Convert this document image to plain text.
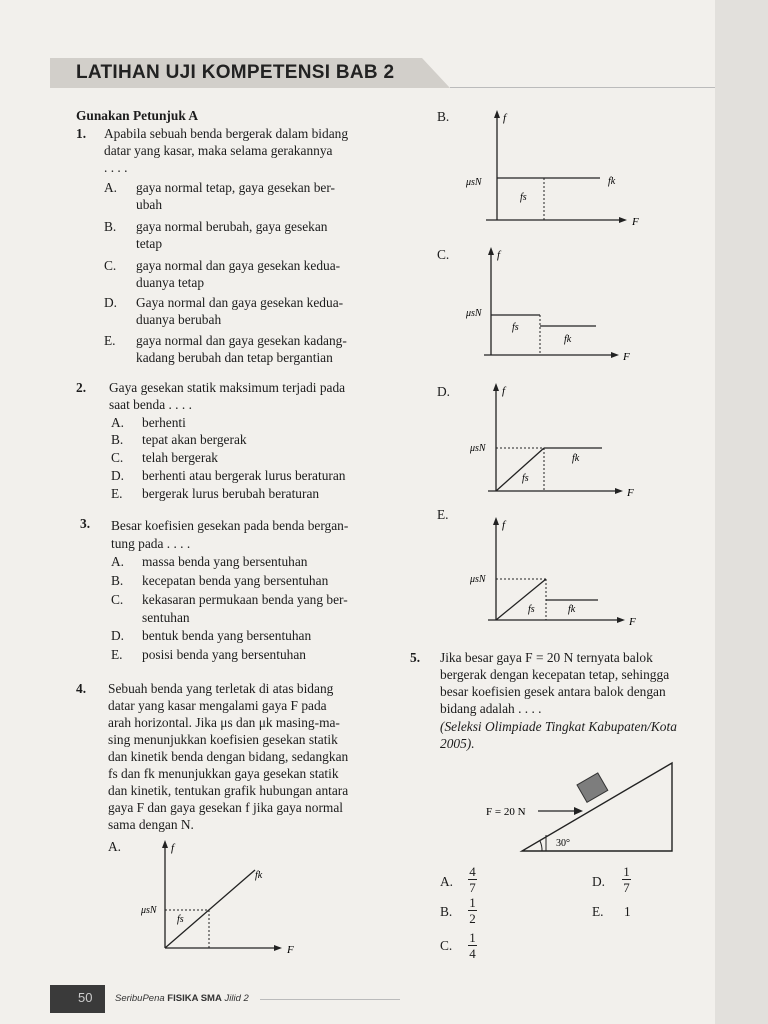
LATIHAN UJI KOMPETENSI BAB 2
Gunakan Petunjuk A
1. Apabila sebuah benda bergerak dalam bidang
datar yang kasar, maka selama gerakannya
. . . .
A. gaya normal tetap, gaya gesekan ber-
ubah
B. gaya normal berubah, gaya gesekan
tetap
C. gaya normal dan gaya gesekan kedua-
duanya tetap
D. Gaya normal dan gaya gesekan kedua-
duanya berubah
E. gaya normal dan gaya gesekan kadang-
kadang berubah dan tetap bergantian
2. Gaya gesekan statik maksimum terjadi pada
saat benda . . . .
A. berhenti
B. tepat akan bergerak
C. telah bergerak
D. berhenti atau bergerak lurus beraturan
E. bergerak lurus berubah beraturan
3. Besar koefisien gesekan pada benda bergan-
tung pada . . . .
A. massa benda yang bersentuhan
B. kecepatan benda yang bersentuhan
C. kekasaran permukaan benda yang ber-
sentuhan
D. bentuk benda yang bersentuhan
E. posisi benda yang bersentuhan
4. Sebuah benda yang terletak di atas bidang
datar yang kasar mengalami gaya F pada
arah horizontal. Jika μs dan μk masing-ma-
sing menunjukkan koefisien gesekan statik
dan kinetik benda dengan bidang, sedangkan
fs dan fk menunjukkan gaya gesekan statik
dan kinetik, tentukan grafik hubungan antara
gaya F dan gaya gesekan f jika gaya normal
sama dengan N.
A.
B.
C.
D.
E.
f
F
μsN
fs
fk
f
F
μsN
fs
fk
f
F
μsN
fs
fk
f
F
μsN
fs
fk
f
F
μsN
fs	fk
5. Jika besar gaya F = 20 N ternyata balok
bergerak dengan kecepatan tetap, sehingga
besar koefisien gesek antara balok dengan
bidang adalah . . . .
(Seleksi Olimpiade Tingkat Kabupaten/Kota
2005).
F = 20 N
30°
A.
4
7
B.
1
2
C.
1
4
D.
1
7
E. 1
50 SeribuPena FISIKA SMA Jilid 2
